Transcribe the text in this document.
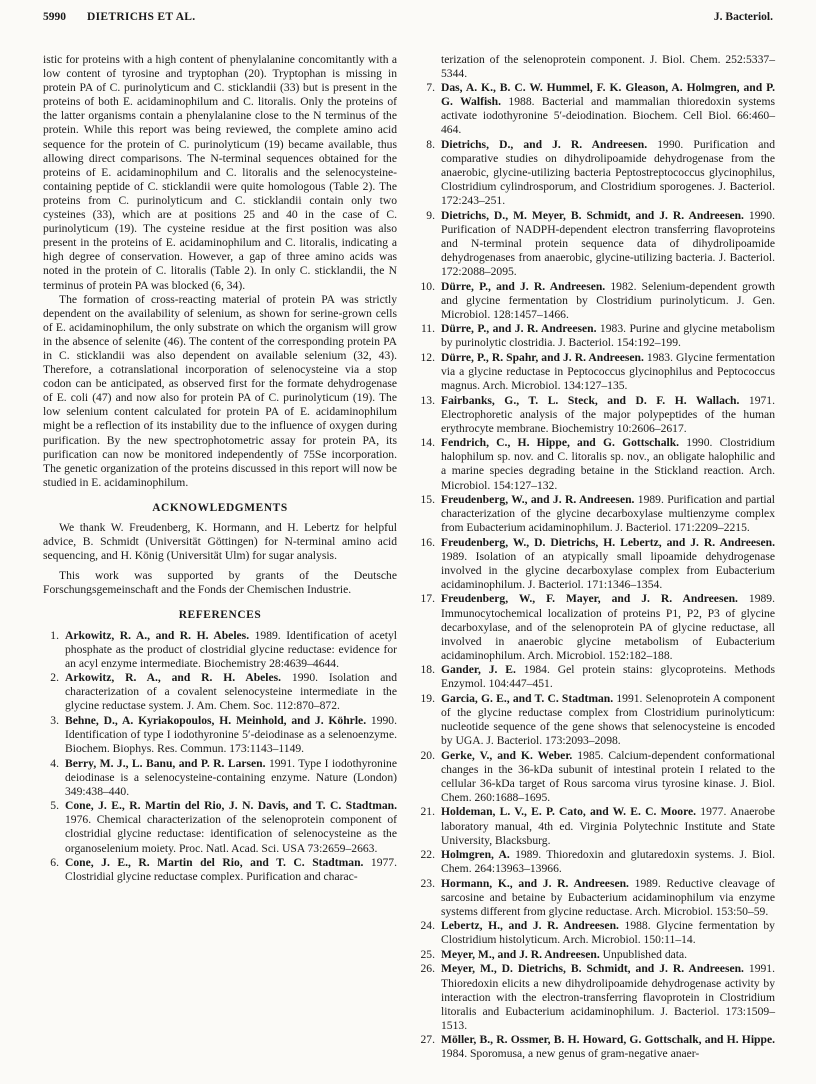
5990 DIETRICHS ET AL.	J. Bacteriol.

istic for proteins with a high content of phenylalanine concomitantly with a low content of tyrosine and tryptophan (20). Tryptophan is missing in protein PA of C. purinolyticum and C. sticklandii (33) but is present in the proteins of both E. acidaminophilum and C. litoralis. Only the proteins of the latter organisms contain a phenylalanine close to the N terminus of the protein. While this report was being reviewed, the complete amino acid sequence for the protein of C. purinolyticum (19) became available, thus allowing direct comparisons. The N-terminal sequences obtained for the proteins of E. acidaminophilum and C. litoralis and the selenocysteine-containing peptide of C. sticklandii were quite homologous (Table 2). The proteins from C. purinolyticum and C. sticklandii contain only two cysteines (33), which are at positions 25 and 40 in the case of C. purinolyticum (19). The cysteine residue at the first position was also present in the proteins of E. acidaminophilum and C. litoralis, indicating a high degree of conservation. However, a gap of three amino acids was noted in the protein of C. litoralis (Table 2). In only C. sticklandii, the N terminus of protein PA was blocked (6, 34).

The formation of cross-reacting material of protein PA was strictly dependent on the availability of selenium, as shown for serine-grown cells of E. acidaminophilum, the only substrate on which the organism will grow in the absence of selenite (46). The content of the corresponding protein PA in C. sticklandii was also dependent on available selenium (32, 43). Therefore, a cotranslational incorporation of selenocysteine via a stop codon can be anticipated, as observed first for the formate dehydrogenase of E. coli (47) and now also for protein PA of C. purinolyticum (19). The low selenium content calculated for protein PA of E. acidaminophilum might be a reflection of its instability due to the influence of oxygen during purification. By the new spectrophotometric assay for protein PA, its purification can now be monitored independently of 75Se incorporation. The genetic organization of the proteins discussed in this report will now be studied in E. acidaminophilum.

ACKNOWLEDGMENTS

We thank W. Freudenberg, K. Hormann, and H. Lebertz for helpful advice, B. Schmidt (Universität Göttingen) for N-terminal amino acid sequencing, and H. König (Universität Ulm) for sugar analysis.

This work was supported by grants of the Deutsche Forschungsgemeinschaft and the Fonds der Chemischen Industrie.

REFERENCES
1. Arkowitz, R. A., and R. H. Abeles. 1989. Identification of acetyl phosphate as the product of clostridial glycine reductase: evidence for an acyl enzyme intermediate. Biochemistry 28:4639–4644.
2. Arkowitz, R. A., and R. H. Abeles. 1990. Isolation and characterization of a covalent selenocysteine intermediate in the glycine reductase system. J. Am. Chem. Soc. 112:870–872.
3. Behne, D., A. Kyriakopoulos, H. Meinhold, and J. Köhrle. 1990. Identification of type I iodothyronine 5′-deiodinase as a selenoenzyme. Biochem. Biophys. Res. Commun. 173:1143–1149.
4. Berry, M. J., L. Banu, and P. R. Larsen. 1991. Type I iodothyronine deiodinase is a selenocysteine-containing enzyme. Nature (London) 349:438–440.
5. Cone, J. E., R. Martin del Rio, J. N. Davis, and T. C. Stadtman. 1976. Chemical characterization of the selenoprotein component of clostridial glycine reductase: identification of selenocysteine as the organoselenium moiety. Proc. Natl. Acad. Sci. USA 73:2659–2663.
6. Cone, J. E., R. Martin del Rio, and T. C. Stadtman. 1977. Clostridial glycine reductase complex. Purification and charac-

terization of the selenoprotein component. J. Biol. Chem. 252:5337–5344.

7. Das, A. K., B. C. W. Hummel, F. K. Gleason, A. Holmgren, and P. G. Walfish. 1988. Bacterial and mammalian thioredoxin systems activate iodothyronine 5′-deiodination. Biochem. Cell Biol. 66:460–464.
8. Dietrichs, D., and J. R. Andreesen. 1990. Purification and comparative studies on dihydrolipoamide dehydrogenase from the anaerobic, glycine-utilizing bacteria Peptostreptococcus glycinophilus, Clostridium cylindrosporum, and Clostridium sporogenes. J. Bacteriol. 172:243–251.
9. Dietrichs, D., M. Meyer, B. Schmidt, and J. R. Andreesen. 1990. Purification of NADPH-dependent electron transferring flavoproteins and N-terminal protein sequence data of dihydrolipoamide dehydrogenases from anaerobic, glycine-utilizing bacteria. J. Bacteriol. 172:2088–2095.
10. Dürre, P., and J. R. Andreesen. 1982. Selenium-dependent growth and glycine fermentation by Clostridium purinolyticum. J. Gen. Microbiol. 128:1457–1466.
11. Dürre, P., and J. R. Andreesen. 1983. Purine and glycine metabolism by purinolytic clostridia. J. Bacteriol. 154:192–199.
12. Dürre, P., R. Spahr, and J. R. Andreesen. 1983. Glycine fermentation via a glycine reductase in Peptococcus glycinophilus and Peptococcus magnus. Arch. Microbiol. 134:127–135.
13. Fairbanks, G., T. L. Steck, and D. F. H. Wallach. 1971. Electrophoretic analysis of the major polypeptides of the human erythrocyte membrane. Biochemistry 10:2606–2617.
14. Fendrich, C., H. Hippe, and G. Gottschalk. 1990. Clostridium halophilum sp. nov. and C. litoralis sp. nov., an obligate halophilic and a marine species degrading betaine in the Stickland reaction. Arch. Microbiol. 154:127–132.
15. Freudenberg, W., and J. R. Andreesen. 1989. Purification and partial characterization of the glycine decarboxylase multienzyme complex from Eubacterium acidaminophilum. J. Bacteriol. 171:2209–2215.
16. Freudenberg, W., D. Dietrichs, H. Lebertz, and J. R. Andreesen. 1989. Isolation of an atypically small lipoamide dehydrogenase involved in the glycine decarboxylase complex from Eubacterium acidaminophilum. J. Bacteriol. 171:1346–1354.
17. Freudenberg, W., F. Mayer, and J. R. Andreesen. 1989. Immunocytochemical localization of proteins P1, P2, P3 of glycine decarboxylase, and of the selenoprotein PA of glycine reductase, all involved in anaerobic glycine metabolism of Eubacterium acidaminophilum. Arch. Microbiol. 152:182–188.
18. Gander, J. E. 1984. Gel protein stains: glycoproteins. Methods Enzymol. 104:447–451.
19. Garcia, G. E., and T. C. Stadtman. 1991. Selenoprotein A component of the glycine reductase complex from Clostridium purinolyticum: nucleotide sequence of the gene shows that selenocysteine is encoded by UGA. J. Bacteriol. 173:2093–2098.
20. Gerke, V., and K. Weber. 1985. Calcium-dependent conformational changes in the 36-kDa subunit of intestinal protein I related to the cellular 36-kDa target of Rous sarcoma virus tyrosine kinase. J. Biol. Chem. 260:1688–1695.
21. Holdeman, L. V., E. P. Cato, and W. E. C. Moore. 1977. Anaerobe laboratory manual, 4th ed. Virginia Polytechnic Institute and State University, Blacksburg.
22. Holmgren, A. 1989. Thioredoxin and glutaredoxin systems. J. Biol. Chem. 264:13963–13966.
23. Hormann, K., and J. R. Andreesen. 1989. Reductive cleavage of sarcosine and betaine by Eubacterium acidaminophilum via enzyme systems different from glycine reductase. Arch. Microbiol. 153:50–59.
24. Lebertz, H., and J. R. Andreesen. 1988. Glycine fermentation by Clostridium histolyticum. Arch. Microbiol. 150:11–14.
25. Meyer, M., and J. R. Andreesen. Unpublished data.
26. Meyer, M., D. Dietrichs, B. Schmidt, and J. R. Andreesen. 1991. Thioredoxin elicits a new dihydrolipoamide dehydrogenase activity by interaction with the electron-transferring flavoprotein in Clostridium litoralis and Eubacterium acidaminophilum. J. Bacteriol. 173:1509–1513.
27. Möller, B., R. Ossmer, B. H. Howard, G. Gottschalk, and H. Hippe. 1984. Sporomusa, a new genus of gram-negative anaer-
